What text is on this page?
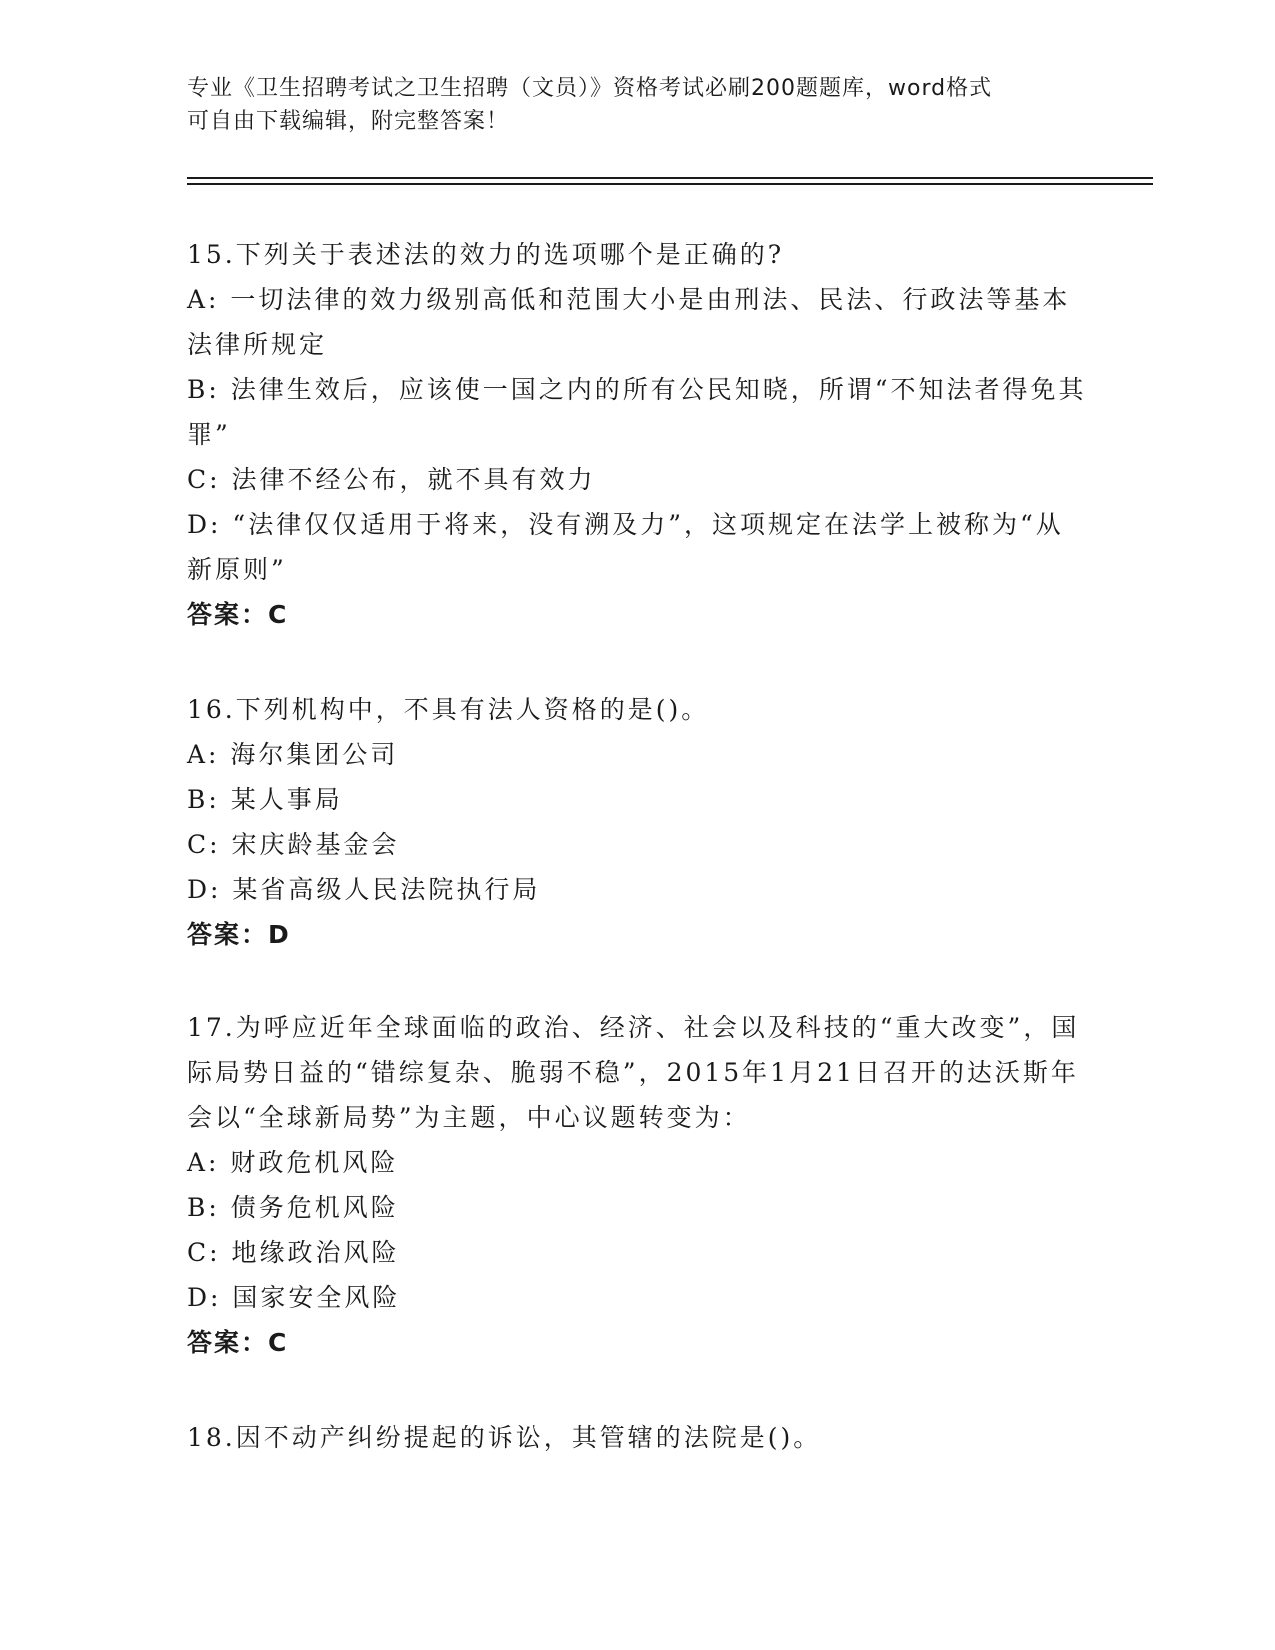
专业《卫生招聘考试之卫生招聘（文员）》资格考试必刷200题题库，word格式
可自由下载编辑，附完整答案！
15.下列关于表述法的效力的选项哪个是正确的?
A: 一切法律的效力级别高低和范围大小是由刑法、民法、行政法等基本法律所规定
B: 法律生效后，应该使一国之内的所有公民知晓，所谓“不知法者得免其罪”
C: 法律不经公布，就不具有效力
D: “法律仅仅适用于将来，没有溯及力”，这项规定在法学上被称为“从新原则”
答案：C
16.下列机构中，不具有法人资格的是()。
A: 海尔集团公司
B: 某人事局
C: 宋庆龄基金会
D: 某省高级人民法院执行局
答案：D
17.为呼应近年全球面临的政治、经济、社会以及科技的“重大改变”，国际局势日益的“错综复杂、脆弱不稳”，2015年1月21日召开的达沃斯年会以“全球新局势”为主题，中心议题转变为：
A: 财政危机风险
B: 债务危机风险
C: 地缘政治风险
D: 国家安全风险
答案：C
18.因不动产纠纷提起的诉讼，其管辖的法院是()。
